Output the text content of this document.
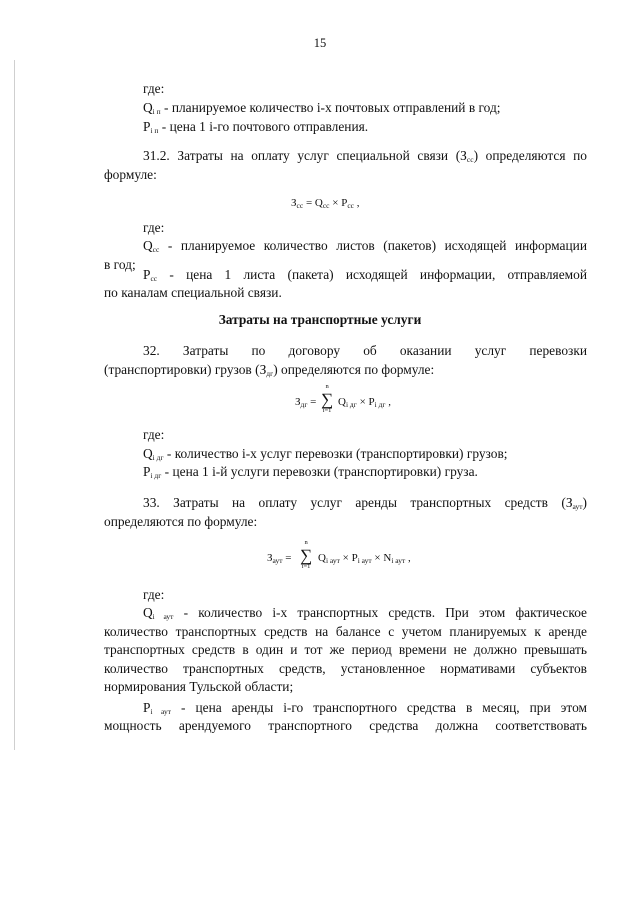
15
где:
$Q_{i п}$ - планируемое количество i-х почтовых отправлений в год;
$P_{i п}$ - цена 1 i-го почтового отправления.
31.2. Затраты на оплату услуг специальной связи $(З_{сс})$ определяются по
формуле:
$З_{сс} = Q_{сс} \times P_{сс}$ ,
где:
$Q_{сс}$ - планируемое количество листов (пакетов) исходящей информации
в год;
$P_{сс}$ - цена 1 листа (пакета) исходящей информации, отправляемой
по каналам специальной связи.
Затраты на транспортные услуги
32. Затраты по договору об оказании услуг перевозки
(транспортировки) грузов $(З_{дг})$ определяются по формуле:
$З_{дг}$ =
n
∑
i=1
$Q_{i дг} \times P_{i дг}$ ,
где:
$Q_{i дг}$ - количество i-х услуг перевозки (транспортировки) грузов;
$P_{i дг}$ - цена 1 i-й услуги перевозки (транспортировки) груза.
33. Затраты на оплату услуг аренды транспортных средств $(З_{аут})$
определяются по формуле:
$З_{аут}$ =
n
∑
i=1
$Q_{i аут} \times P_{i аут} \times N_{i аут}$ ,
где:
$Q_{i аут}$ - количество i-х транспортных средств. При этом фактическое
количество транспортных средств на балансе с учетом планируемых к аренде
транспортных средств в один и тот же период времени не должно превышать
количество транспортных средств, установленное нормативами субъектов
нормирования Тульской области;
$P_{i аут}$ - цена аренды i-го транспортного средства в месяц, при этом
мощность арендуемого транспортного средства должна соответствовать
